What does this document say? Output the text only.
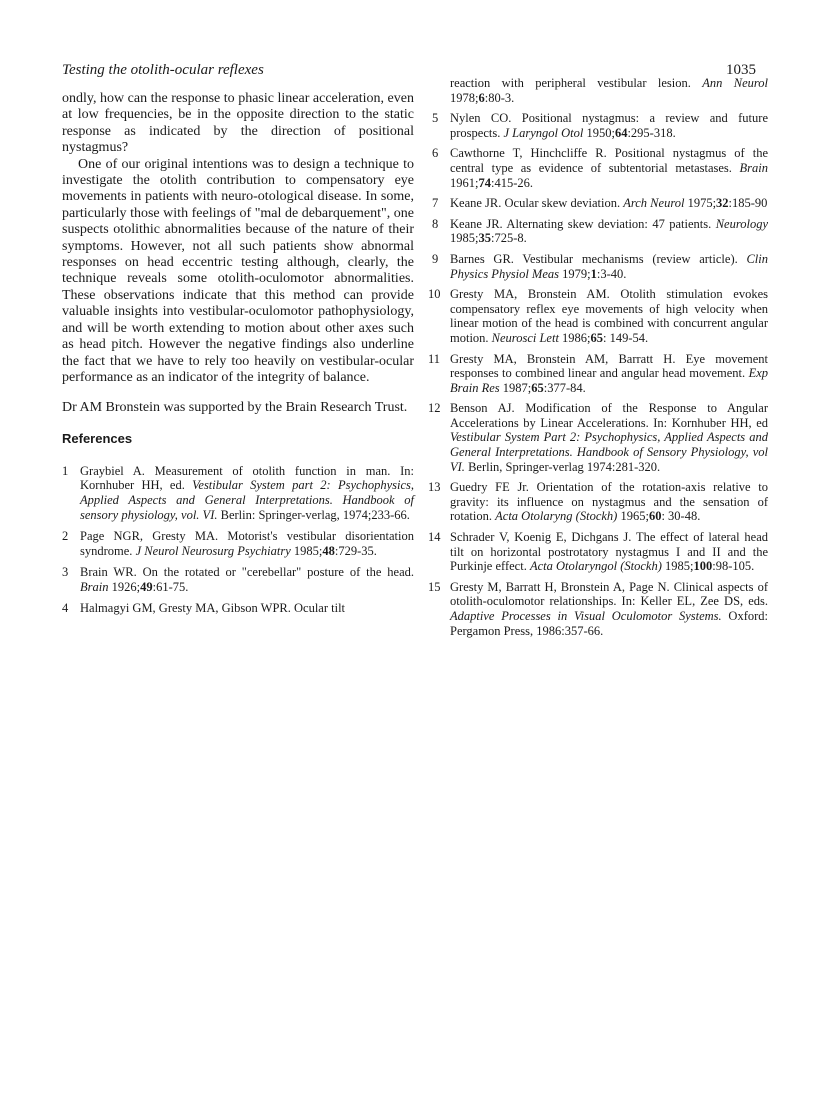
Testing the otolith-ocular reflexes	1035

ondly, how can the response to phasic linear acceleration, even at low frequencies, be in the opposite direction to the static response as indicated by the direction of positional nystagmus?

One of our original intentions was to design a technique to investigate the otolith contribution to compensatory eye movements in patients with neuro-otological disease. In some, particularly those with feelings of "mal de debarquement", one suspects otolithic abnormalities because of the nature of their symptoms. However, not all such patients show abnormal responses on head eccentric testing although, clearly, the technique reveals some otolith-oculomotor abnormalities. These observations indicate that this method can provide valuable insights into vestibular-oculomotor pathophysiology, and will be worth extending to motion about other axes such as head pitch. However the negative findings also underline the fact that we have to rely too heavily on vestibular-ocular performance as an indicator of the integrity of balance.

Dr AM Bronstein was supported by the Brain Research Trust.

References
1 Graybiel A. Measurement of otolith function in man. In: Kornhuber HH, ed. Vestibular System part 2: Psychophysics, Applied Aspects and General Interpretations. Handbook of sensory physiology, vol. VI. Berlin: Springer-verlag, 1974;233-66.
2 Page NGR, Gresty MA. Motorist's vestibular disorientation syndrome. J Neurol Neurosurg Psychiatry 1985;48:729-35.
3 Brain WR. On the rotated or "cerebellar" posture of the head. Brain 1926;49:61-75.
4 Halmagyi GM, Gresty MA, Gibson WPR. Ocular tilt
reaction with peripheral vestibular lesion. Ann Neurol 1978;6:80-3.
5 Nylen CO. Positional nystagmus: a review and future prospects. J Laryngol Otol 1950;64:295-318.
6 Cawthorne T, Hinchcliffe R. Positional nystagmus of the central type as evidence of subtentorial metastases. Brain 1961;74:415-26.
7 Keane JR. Ocular skew deviation. Arch Neurol 1975;32:185-90
8 Keane JR. Alternating skew deviation: 47 patients. Neurology 1985;35:725-8.
9 Barnes GR. Vestibular mechanisms (review article). Clin Physics Physiol Meas 1979;1:3-40.
10 Gresty MA, Bronstein AM. Otolith stimulation evokes compensatory reflex eye movements of high velocity when linear motion of the head is combined with concurrent angular motion. Neurosci Lett 1986;65: 149-54.
11 Gresty MA, Bronstein AM, Barratt H. Eye movement responses to combined linear and angular head movement. Exp Brain Res 1987;65:377-84.
12 Benson AJ. Modification of the Response to Angular Accelerations by Linear Accelerations. In: Kornhuber HH, ed Vestibular System Part 2: Psychophysics, Applied Aspects and General Interpretations. Handbook of Sensory Physiology, vol VI. Berlin, Springer-verlag 1974:281-320.
13 Guedry FE Jr. Orientation of the rotation-axis relative to gravity: its influence on nystagmus and the sensation of rotation. Acta Otolaryng (Stockh) 1965;60: 30-48.
14 Schrader V, Koenig E, Dichgans J. The effect of lateral head tilt on horizontal postrotatory nystagmus I and II and the Purkinje effect. Acta Otolaryngol (Stockh) 1985;100:98-105.
15 Gresty M, Barratt H, Bronstein A, Page N. Clinical aspects of otolith-oculomotor relationships. In: Keller EL, Zee DS, eds. Adaptive Processes in Visual Oculomotor Systems. Oxford: Pergamon Press, 1986:357-66.
